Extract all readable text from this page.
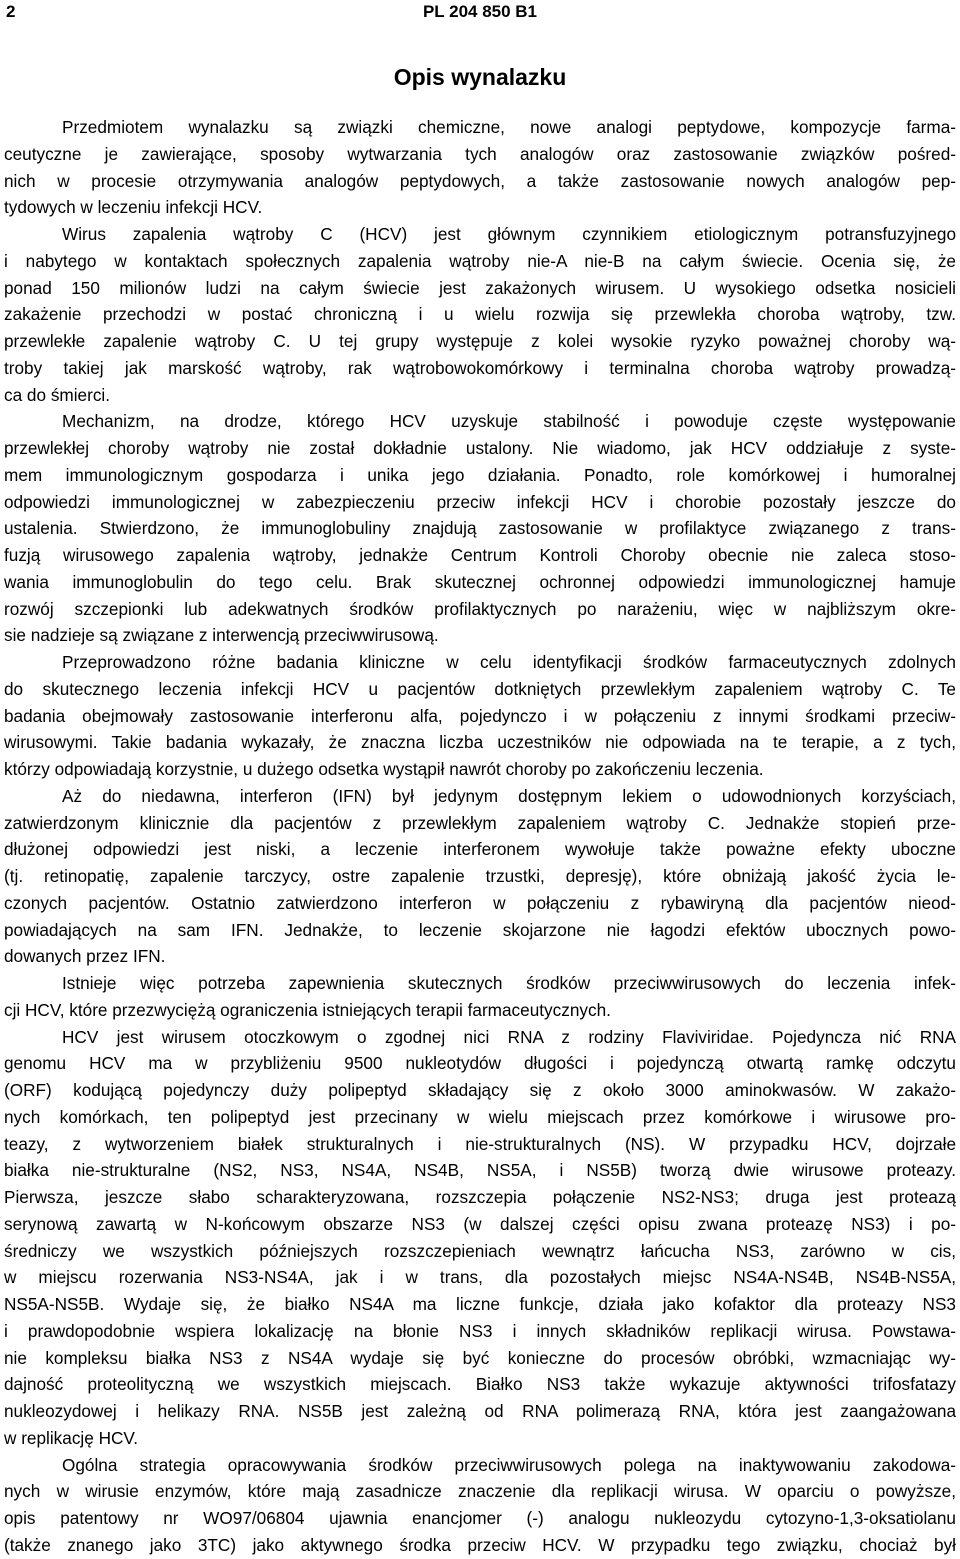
2	PL 204 850 B1
Opis wynalazku
Przedmiotem wynalazku są związki chemiczne, nowe analogi peptydowe, kompozycje farma-
ceutyczne je zawierające, sposoby wytwarzania tych analogów oraz zastosowanie związków pośred-
nich w procesie otrzymywania analogów peptydowych, a także zastosowanie nowych analogów pep-
tydowych w leczeniu infekcji HCV.
Wirus zapalenia wątroby C (HCV) jest głównym czynnikiem etiologicznym potransfuzyjnego
i nabytego w kontaktach społecznych zapalenia wątroby nie-A nie-B na całym świecie. Ocenia się, że
ponad 150 milionów ludzi na całym świecie jest zakażonych wirusem. U wysokiego odsetka nosicieli
zakażenie przechodzi w postać chroniczną i u wielu rozwija się przewlekła choroba wątroby, tzw.
przewlekłe zapalenie wątroby C. U tej grupy występuje z kolei wysokie ryzyko poważnej choroby wą-
troby takiej jak marskość wątroby, rak wątrobowokomórkowy i terminalna choroba wątroby prowadzą-
ca do śmierci.
Mechanizm, na drodze, którego HCV uzyskuje stabilność i powoduje częste występowanie
przewlekłej choroby wątroby nie został dokładnie ustalony. Nie wiadomo, jak HCV oddziałuje z syste-
mem immunologicznym gospodarza i unika jego działania. Ponadto, role komórkowej i humoralnej
odpowiedzi immunologicznej w zabezpieczeniu przeciw infekcji HCV i chorobie pozostały jeszcze do
ustalenia. Stwierdzono, że immunoglobuliny znajdują zastosowanie w profilaktyce związanego z trans-
fuzją wirusowego zapalenia wątroby, jednakże Centrum Kontroli Choroby obecnie nie zaleca stoso-
wania immunoglobulin do tego celu. Brak skutecznej ochronnej odpowiedzi immunologicznej hamuje
rozwój szczepionki lub adekwatnych środków profilaktycznych po narażeniu, więc w najbliższym okre-
sie nadzieje są związane z interwencją przeciwwirusową.
Przeprowadzono różne badania kliniczne w celu identyfikacji środków farmaceutycznych zdolnych
do skutecznego leczenia infekcji HCV u pacjentów dotkniętych przewlekłym zapaleniem wątroby C. Te
badania obejmowały zastosowanie interferonu alfa, pojedynczo i w połączeniu z innymi środkami przeciw-
wirusowymi. Takie badania wykazały, że znaczna liczba uczestników nie odpowiada na te terapie, a z tych,
którzy odpowiadają korzystnie, u dużego odsetka wystąpił nawrót choroby po zakończeniu leczenia.
Aż do niedawna, interferon (IFN) był jedynym dostępnym lekiem o udowodnionych korzyściach,
zatwierdzonym klinicznie dla pacjentów z przewlekłym zapaleniem wątroby C. Jednakże stopień prze-
dłużonej odpowiedzi jest niski, a leczenie interferonem wywołuje także poważne efekty uboczne
(tj. retinopatię, zapalenie tarczycy, ostre zapalenie trzustki, depresję), które obniżają jakość życia le-
czonych pacjentów. Ostatnio zatwierdzono interferon w połączeniu z rybawiryną dla pacjentów nieod-
powiadających na sam IFN. Jednakże, to leczenie skojarzone nie łagodzi efektów ubocznych powo-
dowanych przez IFN.
Istnieje więc potrzeba zapewnienia skutecznych środków przeciwwirusowych do leczenia infek-
cji HCV, które przezwyciężą ograniczenia istniejących terapii farmaceutycznych.
HCV jest wirusem otoczkowym o zgodnej nici RNA z rodziny Flaviviridae. Pojedyncza nić RNA
genomu HCV ma w przybliżeniu 9500 nukleotydów długości i pojedynczą otwartą ramkę odczytu
(ORF) kodującą pojedynczy duży polipeptyd składający się z około 3000 aminokwasów. W zakażo-
nych komórkach, ten polipeptyd jest przecinany w wielu miejscach przez komórkowe i wirusowe pro-
teazy, z wytworzeniem białek strukturalnych i nie-strukturalnych (NS). W przypadku HCV, dojrzałe
białka nie-strukturalne (NS2, NS3, NS4A, NS4B, NS5A, i NS5B) tworzą dwie wirusowe proteazy.
Pierwsza, jeszcze słabo scharakteryzowana, rozszczepia połączenie NS2-NS3; druga jest proteazą
serynową zawartą w N-końcowym obszarze NS3 (w dalszej części opisu zwana proteazę NS3) i po-
średniczy we wszystkich późniejszych rozszczepieniach wewnątrz łańcucha NS3, zarówno w cis,
w miejscu rozerwania NS3-NS4A, jak i w trans, dla pozostałych miejsc NS4A-NS4B, NS4B-NS5A,
NS5A-NS5B. Wydaje się, że białko NS4A ma liczne funkcje, działa jako kofaktor dla proteazy NS3
i prawdopodobnie wspiera lokalizację na błonie NS3 i innych składników replikacji wirusa. Powstawa-
nie kompleksu białka NS3 z NS4A wydaje się być konieczne do procesów obróbki, wzmacniając wy-
dajność proteolityczną we wszystkich miejscach. Białko NS3 także wykazuje aktywności trifosfatazy
nukleozydowej i helikazy RNA. NS5B jest zależną od RNA polimerazą RNA, która jest zaangażowana
w replikację HCV.
Ogólna strategia opracowywania środków przeciwwirusowych polega na inaktywowaniu zakodowa-
nych w wirusie enzymów, które mają zasadnicze znaczenie dla replikacji wirusa. W oparciu o powyższe,
opis patentowy nr WO97/06804 ujawnia enancjomer (-) analogu nukleozydu cytozyno-1,3-oksatiolanu
(także znanego jako 3TC) jako aktywnego środka przeciw HCV. W przypadku tego związku, chociaż był
